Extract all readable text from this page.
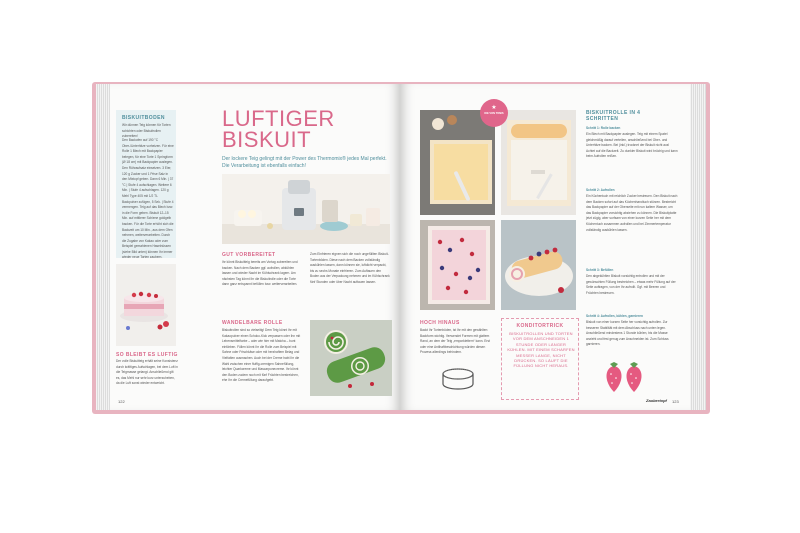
BISKUITBODEN
Wir dünnen Teig können für Torten schichten oder Biskuitrollen zubereiten!
Den Backofen auf 190 °C Ober-/Unterhitze vorheizen. Für eine Rolle 1 Blech mit Backpapier belegen, für eine Torte 1 Springform (Ø 18 cm) mit Backpapier auslegen. Den Rühraufsatz einsetzen. 3 Eier, 120 g Zucker und 1 Prise Salz in den Mixtopf geben. Dann 6 Min. | 37 °C | Stufe 4 aufschlagen. Weitere 6 Min. | Stufe 4 aufschlagen. 120 g Mehl Type 405 mit 1/2 TL Backpulver zufügen, 5 Sek. | Stufe 4 vermengen. Teig auf das Blech bzw. in die Form geben. Biskuit 12–15 Min. auf mittlerer Schiene goldgelb backen. Für die Torte erhöht sich die Backzeit um 10 Min., aus dem Ofen nehmen, weiterverarbeiten. Durch die Zugabe von Kakao oder zum Beispiel gemahlenen Haselnüssen (siehe Bild unten) können Ihr immer wieder neue Torten zaubern.
SO BLEIBT ES LUFTIG
Der volle Biskuitteig erhält seine Konsistenz durch kräftiges Aufschlagen, bei dem Luft in die Teigmasse gelangt. Anschließend gilt es, das Mehl nur sehr kurz unterzuheben, da die Luft sonst wieder entweicht.
122
LUFTIGER
BISKUIT
Der lockere Teig gelingt mit der Power des Thermomix® jedes Mal perfekt. Die Verarbeitung ist ebenfalls einfach!
GUT VORBEREITET
Ihr könnt Biskuitteig bereits am Vortag zubereiten und backen. Nach dem Backen ggf. aufrollen, abkühlen lassen und wieder Nacht im Kühlschrank lagern. Am nächsten Tag könnt Ihr die Biskuitrolle oder die Torte dann ganz entspannt befüllen bzw. weiterverarbeiten.
Zum Einfrieren eignen sich die noch ungefüllten Biskuit-Tortenböden. Diese nach dem Backen vollständig auskühlen lassen, dann können sie, luftdicht verpackt, bis zu sechs Monate einfrieren. Zum Auftauen den Boden aus der Verpackung nehmen und im Kühlschrank fünf Stunden oder über Nacht auftauen lassen.
WANDELBARE ROLLE
Biskuitrollen sind so vielseitig! Dem Teig könnt Ihr mit Kakaopulver einen Schoko-Kick verpassen oder ihn mit Lebensmittelfarbe – oder wie hier mit Matcha – bunt einfärben. Füllen könnt Ihr die Rolle zum Beispiel mit Sahne oder Frischkäse oder mit herzhaftem Belag und Vielfalten ausmachen. Auch bei der Creme habt Ihr die Wahl zwischen einer fluffig-cremigen Sahnefüllung, leichter Quarkcreme und Mascarponecreme. Ihr könnt den Boden zudem noch mit fünf Früchten bestreichen, ehe Ihr die Cremefüllung daraufgebt.
★
DIE VON TONIS	BISKUITROLLE IN 4 SCHRITTEN
Schritt 1: Rolle backen
Ein Blech mit Backpapier auslegen. Teig mit einem Spatel gleichmäßig darauf verteilen, anschließend bei Ober- und Unterhitze backen. Bei (inkl.) trocknet der Biskuit nicht aus! Achtet auf die Backzeit. Zu dunkler Biskuit wird brüchig und kann beim Aufrollen reißen.
Schritt 2: Aufrollen
Ein Küchentuch mit reichlich Zucker bestreuen. Den Biskuit nach dem Backen sofort auf das Küchenhandtuch stürzen. Bestreicht das Backpapier auf der Oberseite mit nun kaltem Wasser, um das Backpapier vorsichtig abziehen zu können. Die Biskuitplatte jetzt zügig, aber sorfsam von einer kurzen Seite her mit dem Küchentuch zusammen aufrollen und bei Zimmertemperatur vollständig auskühlen lassen.
Schritt 3: Befüllen
Den abgekühlten Biskuit vorsichtig entrollen und mit der gewünschten Füllung bestreichen – etwas mehr Füllung auf der Seite auftragen, von der Ihr aufrollt. Ggf. mit Beeren und Früchten bestreuen.
Schritt 4: Aufrollen, kühlen, garnieren
Biskuit von einer kurzen Seite her vorsichtig aufrollen. Zur besseren Stabilität mit dem Abschluss nach unten legen. Anschließend mindestens 1 Stunde kühlen, bis die Masse anzieht und fest genug zum Anschneiden ist. Zum Schluss garnieren.
HOCH HINAUS
Backt Ihr Tortenböden, ist Ihr mit den gewählten Backform wichtig. Verwendet Formen mit glattem Rand, an dem der Teig „emporklettern“ kann. Erst oder eine Antihaftbeschichtung würden diesen Prozess allerdings behindern.
KONDITORTRICK
BISKUITROLLEN UND TORTEN VOR DEM ANSCHNEIDEN 1 STUNDE ODER LÄNGER KÜHLEN. MIT EINEM SCHARFEN MESSER LANGE, NICHT DRÜCKEN. SO LÄUFT DIE FÜLLUNG NICHT HERAUS.
Zaubertopf 123
